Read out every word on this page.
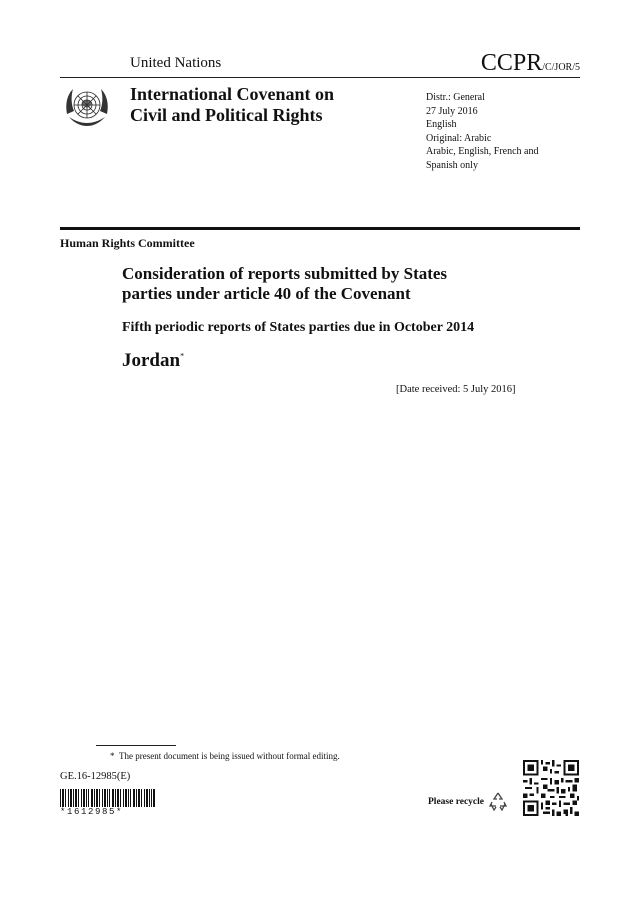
United Nations	CCPR/C/JOR/5
International Covenant on
Civil and Political Rights
Distr.: General
27 July 2016
English
Original: Arabic
Arabic, English, French and
Spanish only
Human Rights Committee
Consideration of reports submitted by States
parties under article 40 of the Covenant
Fifth periodic reports of States parties due in October 2014
Jordan*
[Date received: 5 July 2016]
* The present document is being issued without formal editing.
GE.16-12985(E)
*1612985*
Please recycle
